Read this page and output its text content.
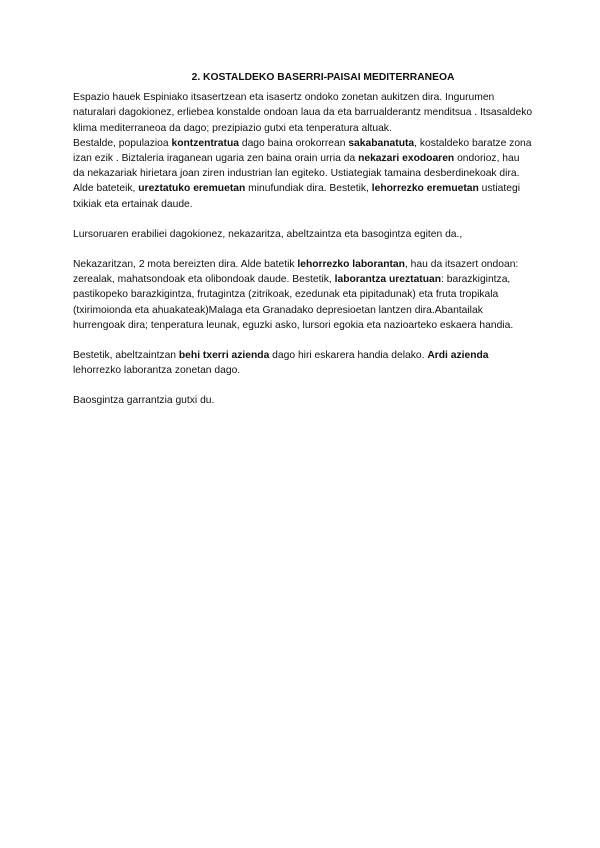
2. KOSTALDEKO BASERRI-PAISAI MEDITERRANEOA

Espazio hauek Espiniako itsasertzean eta isasertz ondoko zonetan aukitzen dira. Ingurumen naturalari dagokionez, erliebea konstalde ondoan laua da eta barrualderantz menditsua . Itsasaldeko klima mediterraneoa da dago; prezipiazio gutxi eta tenperatura altuak.

Bestalde, populazioa kontzentratua dago baina orokorrean sakabanatuta, kostaldeko baratze zona izan ezik . Biztaleria iraganean ugaria zen baina orain urria da nekazari exodoaren ondorioz, hau da nekazariak hirietara joan ziren industrian lan egiteko. Ustiategiak tamaina desberdinekoak dira. Alde bateteik, ureztatuko eremuetan minufundiak dira. Bestetik, lehorrezko eremuetan ustiategi txikiak eta ertainak daude.

Lursoruaren erabiliei dagokionez, nekazaritza, abeltzaintza eta basogintza egiten da.,

Nekazaritzan, 2 mota bereizten dira. Alde batetik lehorrezko laborantan, hau da itsazert ondoan: zerealak, mahatsondoak eta olibondoak daude. Bestetik, laborantza ureztatuan: barazkigintza, pastikopeko barazkigintza, frutagintza (zitrikoak, ezedunak eta pipitadunak) eta fruta tropikala (txirimoionda eta ahuakateak)Malaga eta Granadako depresioetan lantzen dira.Abantailak hurrengoak dira; tenperatura leunak, eguzki asko, lursori egokia eta nazioarteko eskaera handia.

Bestetik, abeltzaintzan behi txerri azienda dago hiri eskarera handia delako. Ardi azienda lehorrezko laborantza zonetan dago.

Baosgintza garrantzia gutxi du.
